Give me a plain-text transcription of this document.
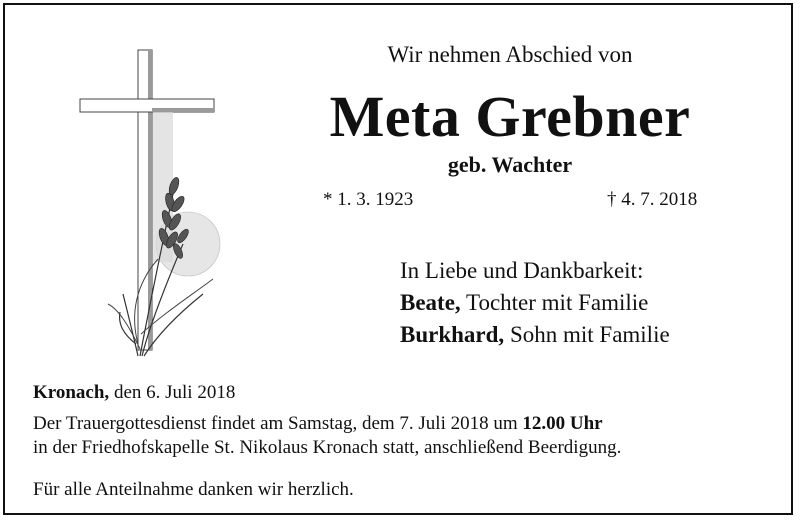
Wir nehmen Abschied von
Meta Grebner
geb. Wachter
* 1. 3. 1923	† 4. 7. 2018
In Liebe und Dankbarkeit:
Beate, Tochter mit Familie
Burkhard, Sohn mit Familie
Kronach, den 6. Juli 2018
Der Trauergottesdienst findet am Samstag, dem 7. Juli 2018 um 12.00 Uhr
in der Friedhofskapelle St. Nikolaus Kronach statt, anschließend Beerdigung.
Für alle Anteilnahme danken wir herzlich.
